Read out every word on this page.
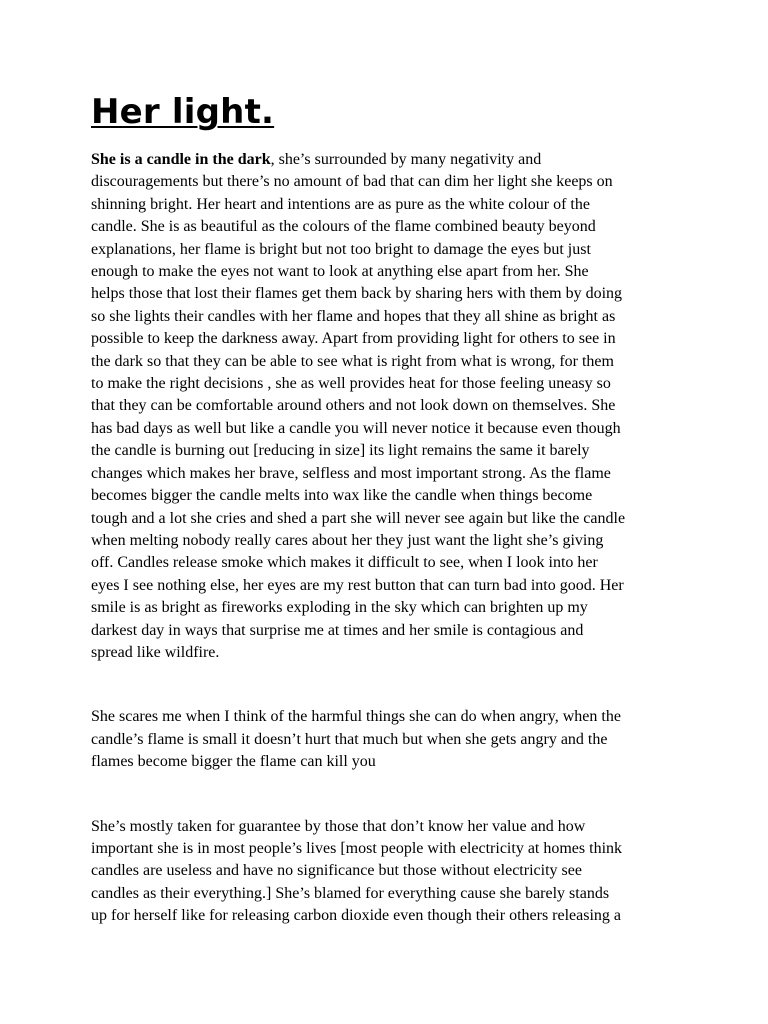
Her light.

She is a candle in the dark, she’s surrounded by many negativity and
discouragements but there’s no amount of bad that can dim her light she keeps on
shinning bright. Her heart and intentions are as pure as the white colour of the
candle. She is as beautiful as the colours of the flame combined beauty beyond
explanations, her flame is bright but not too bright to damage the eyes but just
enough to make the eyes not want to look at anything else apart from her. She
helps those that lost their flames get them back by sharing hers with them by doing
so she lights their candles with her flame and hopes that they all shine as bright as
possible to keep the darkness away. Apart from providing light for others to see in
the dark so that they can be able to see what is right from what is wrong, for them
to make the right decisions , she as well provides heat for those feeling uneasy so
that they can be comfortable around others and not look down on themselves. She
has bad days as well but like a candle you will never notice it because even though
the candle is burning out [reducing in size] its light remains the same it barely
changes which makes her brave, selfless and most important strong. As the flame
becomes bigger the candle melts into wax like the candle when things become
tough and a lot she cries and shed a part she will never see again but like the candle
when melting nobody really cares about her they just want the light she’s giving
off. Candles release smoke which makes it difficult to see, when I look into her
eyes I see nothing else, her eyes are my rest button that can turn bad into good. Her
smile is as bright as fireworks exploding in the sky which can brighten up my
darkest day in ways that surprise me at times and her smile is contagious and
spread like wildfire.

She scares me when I think of the harmful things she can do when angry, when the
candle’s flame is small it doesn’t hurt that much but when she gets angry and the
flames become bigger the flame can kill you

She’s mostly taken for guarantee by those that don’t know her value and how
important she is in most people’s lives [most people with electricity at homes think
candles are useless and have no significance but those without electricity see
candles as their everything.] She’s blamed for everything cause she barely stands
up for herself like for releasing carbon dioxide even though their others releasing a
